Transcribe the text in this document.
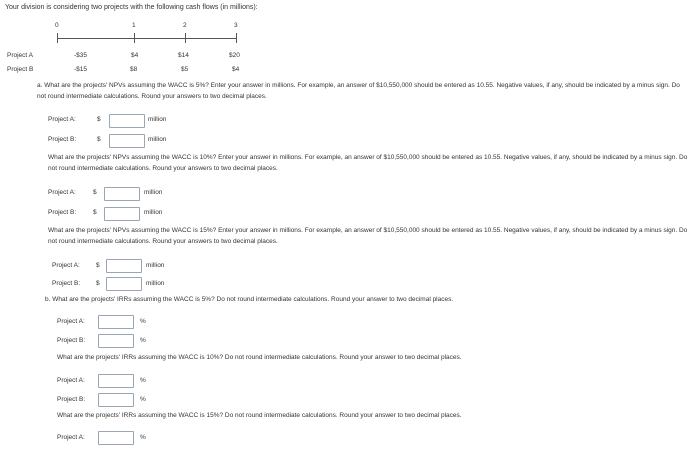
Your division is considering two projects with the following cash flows (in millions):
0	1	2	3
Project A	-$35	$4	$14	$20
Project B	-$15	$8	$5	$4
a. What are the projects' NPVs assuming the WACC is 5%? Enter your answer in millions. For example, an answer of $10,550,000 should be entered as 10.55. Negative values, if any, should be indicated by a minus sign. Do not round intermediate calculations. Round your answers to two decimal places.
Project A:	$	million
Project B:	$	million
What are the projects' NPVs assuming the WACC is 10%? Enter your answer in millions. For example, an answer of $10,550,000 should be entered as 10.55. Negative values, if any, should be indicated by a minus sign. Do not round intermediate calculations. Round your answers to two decimal places.
Project A:	$	million
Project B:	$	million
What are the projects' NPVs assuming the WACC is 15%? Enter your answer in millions. For example, an answer of $10,550,000 should be entered as 10.55. Negative values, if any, should be indicated by a minus sign. Do not round intermediate calculations. Round your answers to two decimal places.
Project A: $	million
Project B: $	million
b. What are the projects' IRRs assuming the WACC is 5%? Do not round intermediate calculations. Round your answer to two decimal places.
Project A:	%
Project B:	%
What are the projects' IRRs assuming the WACC is 10%? Do not round intermediate calculations. Round your answer to two decimal places.
Project A:	%
Project B:	%
What are the projects' IRRs assuming the WACC is 15%? Do not round intermediate calculations. Round your answer to two decimal places.
Project A:	%
